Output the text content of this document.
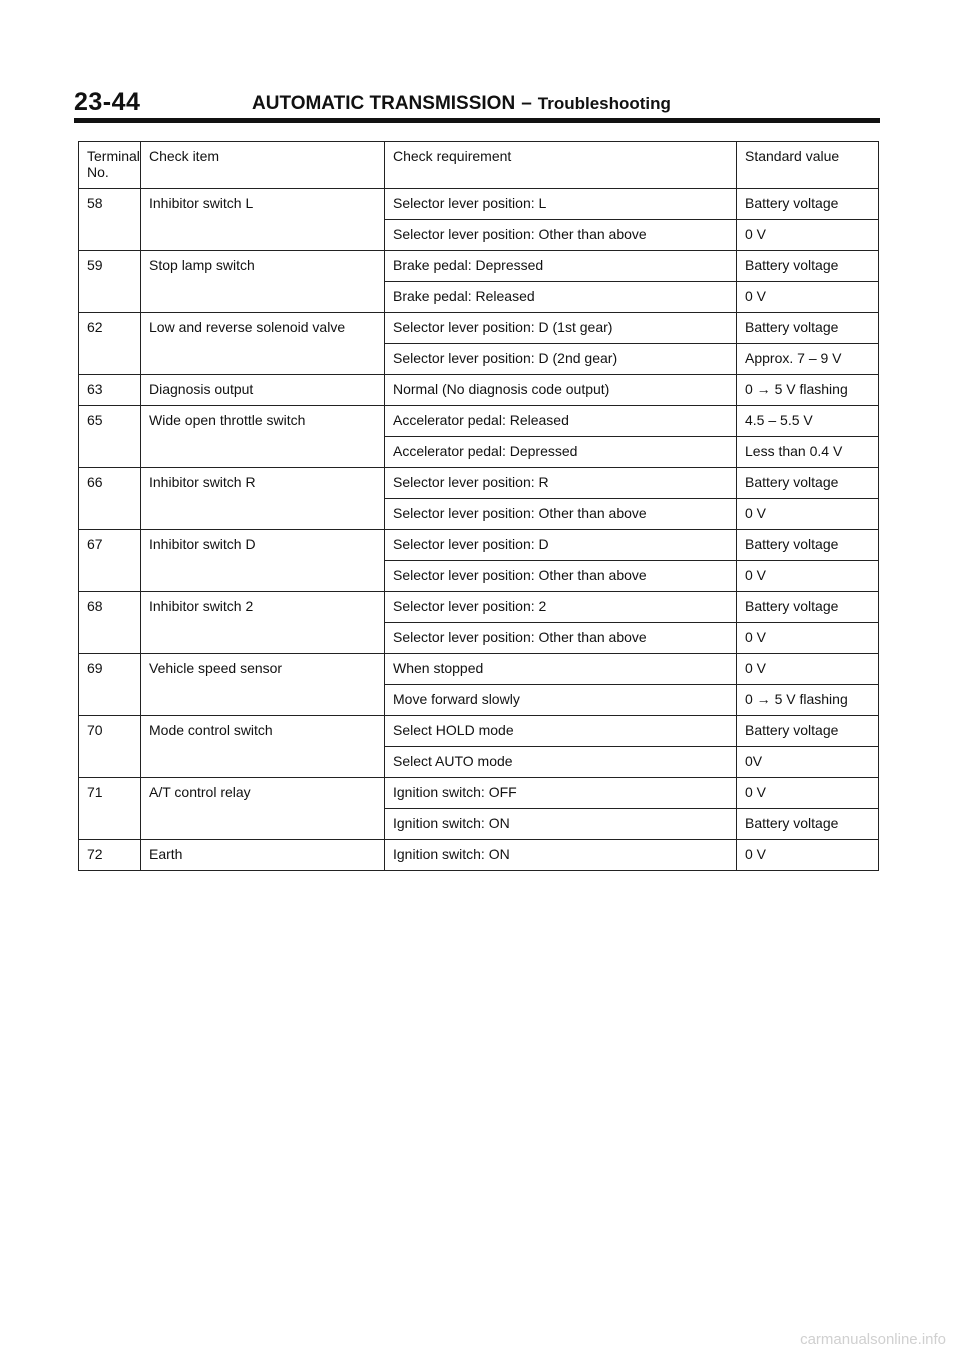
23-44	AUTOMATIC TRANSMISSION – Troubleshooting
Terminal No.	Check item	Check requirement	Standard value
58	Inhibitor switch L	Selector lever position: L	Battery voltage
		Selector lever position: Other than above	0 V
59	Stop lamp switch	Brake pedal: Depressed	Battery voltage
		Brake pedal: Released	0 V
62	Low and reverse solenoid valve	Selector lever position: D (1st gear)	Battery voltage
		Selector lever position: D (2nd gear)	Approx. 7 – 9 V
63	Diagnosis output	Normal (No diagnosis code output)	0 → 5 V flashing
65	Wide open throttle switch	Accelerator pedal: Released	4.5 – 5.5 V
		Accelerator pedal: Depressed	Less than 0.4 V
66	Inhibitor switch R	Selector lever position: R	Battery voltage
		Selector lever position: Other than above	0 V
67	Inhibitor switch D	Selector lever position: D	Battery voltage
		Selector lever position: Other than above	0 V
68	Inhibitor switch 2	Selector lever position: 2	Battery voltage
		Selector lever position: Other than above	0 V
69	Vehicle speed sensor	When stopped	0 V
		Move forward slowly	0 → 5 V flashing
70	Mode control switch	Select HOLD mode	Battery voltage
		Select AUTO mode	0V
71	A/T control relay	Ignition switch: OFF	0 V
		Ignition switch: ON	Battery voltage
72	Earth	Ignition switch: ON	0 V
carmanualsonline.info
